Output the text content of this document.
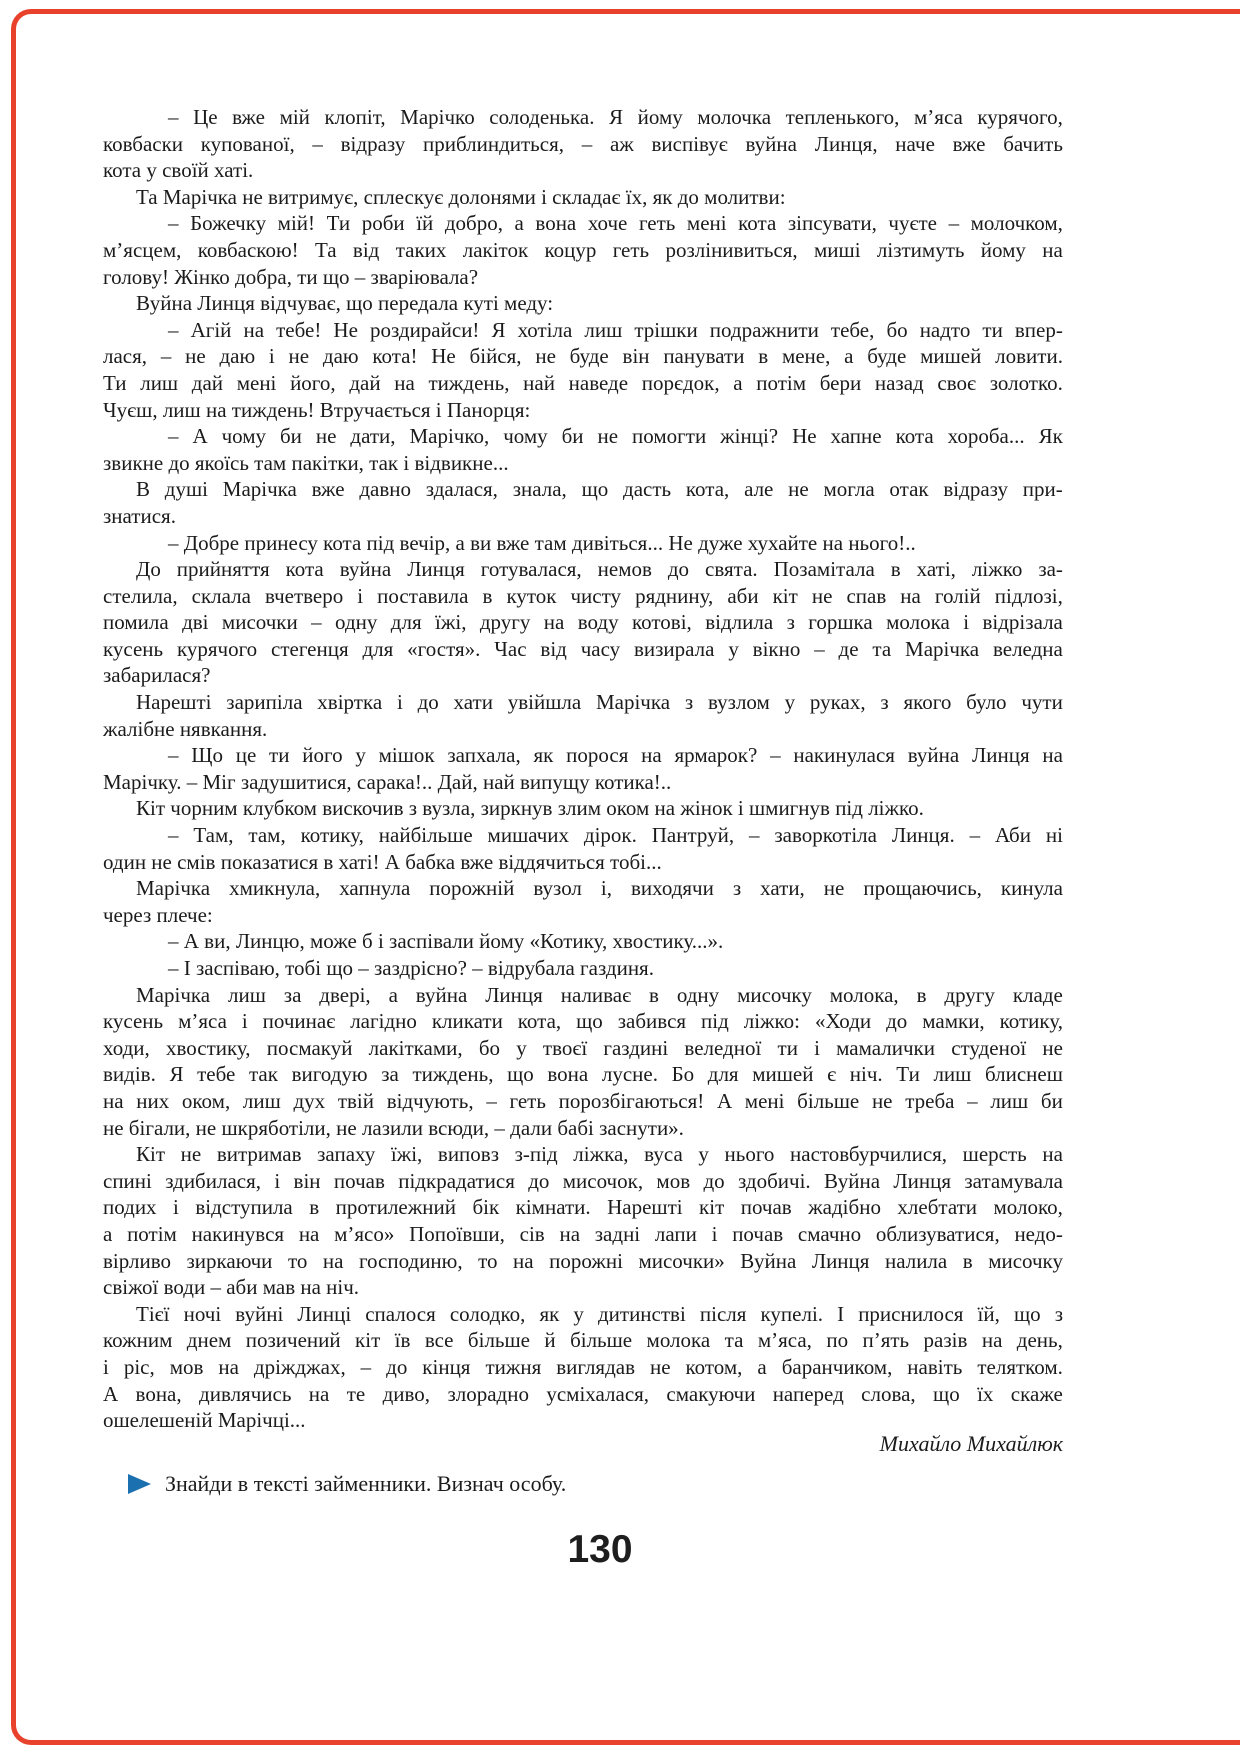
– Це вже мій клопіт, Марічко солоденька. Я йому молочка тепленького, м’яса курячого,
ковбаски купованої, – відразу приблиндиться, – аж виспівує вуйна Линця, наче вже бачить
кота у своїй хаті.
Та Марічка не витримує, сплескує долонями і складає їх, як до молитви:
– Божечку мій! Ти роби їй добро, а вона хоче геть мені кота зіпсувати, чуєте – молочком,
м’ясцем, ковбаскою! Та від таких лакіток коцур геть розлінивиться, миші лізтимуть йому на
голову! Жінко добра, ти що – зваріювала?
Вуйна Линця відчуває, що передала куті меду:
– Агій на тебе! Не роздирайси! Я хотіла лиш трішки подражнити тебе, бо надто ти впер-
лася, – не даю і не даю кота! Не бійся, не буде він панувати в мене, а буде мишей ловити.
Ти лиш дай мені його, дай на тиждень, най наведе порєдок, а потім бери назад своє золотко.
Чуєш, лиш на тиждень! Втручається і Панорця:
– А чому би не дати, Марічко, чому би не помогти жінці? Не хапне кота хороба... Як
звикне до якоїсь там пакітки, так і відвикне...
В душі Марічка вже давно здалася, знала, що дасть кота, але не могла отак відразу при-
знатися.
– Добре принесу кота під вечір, а ви вже там дивіться... Не дуже хухайте на нього!..
До прийняття кота вуйна Линця готувалася, немов до свята. Позамітала в хаті, ліжко за-
стелила, склала вчетверо і поставила в куток чисту ряднину, аби кіт не спав на голій підлозі,
помила дві мисочки – одну для їжі, другу на воду котові, відлила з горшка молока і відрізала
кусень курячого стегенця для «гостя». Час від часу визирала у вікно – де та Марічка веледна
забарилася?
Нарешті зарипіла хвіртка і до хати увійшла Марічка з вузлом у руках, з якого було чути
жалібне нявкання.
– Що це ти його у мішок запхала, як порося на ярмарок? – накинулася вуйна Линця на
Марічку. – Міг задушитися, сарака!.. Дай, най випущу котика!..
Кіт чорним клубком вискочив з вузла, зиркнув злим оком на жінок і шмигнув під ліжко.
– Там, там, котику, найбільше мишачих дірок. Пантруй, – заворкотіла Линця. – Аби ні
один не смів показатися в хаті! А бабка вже віддячиться тобі...
Марічка хмикнула, хапнула порожній вузол і, виходячи з хати, не прощаючись, кинула
через плече:
– А ви, Линцю, може б і заспівали йому «Котику, хвостику...».
– І заспіваю, тобі що – заздрісно? – відрубала газдиня.
Марічка лиш за двері, а вуйна Линця наливає в одну мисочку молока, в другу кладе
кусень м’яса і починає лагідно кликати кота, що забився під ліжко: «Ходи до мамки, котику,
ходи, хвостику, посмакуй лакітками, бо у твоєї газдині веледної ти і мамалички студеної не
видів. Я тебе так вигодую за тиждень, що вона лусне. Бо для мишей є ніч. Ти лиш блиснеш
на них оком, лиш дух твій відчують, – геть порозбігаються! А мені більше не треба – лиш би
не бігали, не шкряботіли, не лазили всюди, – дали бабі заснути».
Кіт не витримав запаху їжі, виповз з-під ліжка, вуса у нього настовбурчилися, шерсть на
спині здибилася, і він почав підкрадатися до мисочок, мов до здобичі. Вуйна Линця затамувала
подих і відступила в протилежний бік кімнати. Нарешті кіт почав жадібно хлебтати молоко,
а потім накинувся на м’ясо» Попоївши, сів на задні лапи і почав смачно облизуватися, недо-
вірливо зиркаючи то на господиню, то на порожні мисочки» Вуйна Линця налила в мисочку
свіжої води – аби мав на ніч.
Тієї ночі вуйні Линці спалося солодко, як у дитинстві після купелі. І приснилося їй, що з
кожним днем позичений кіт їв все більше й більше молока та м’яса, по п’ять разів на день,
і ріс, мов на дріжджах, – до кінця тижня виглядав не котом, а баранчиком, навіть телятком.
А вона, дивлячись на те диво, злорадно усміхалася, смакуючи наперед слова, що їх скаже
ошелешеній Марічці...
Михайло Михайлюк
Знайди в тексті займенники. Визнач особу.
130
